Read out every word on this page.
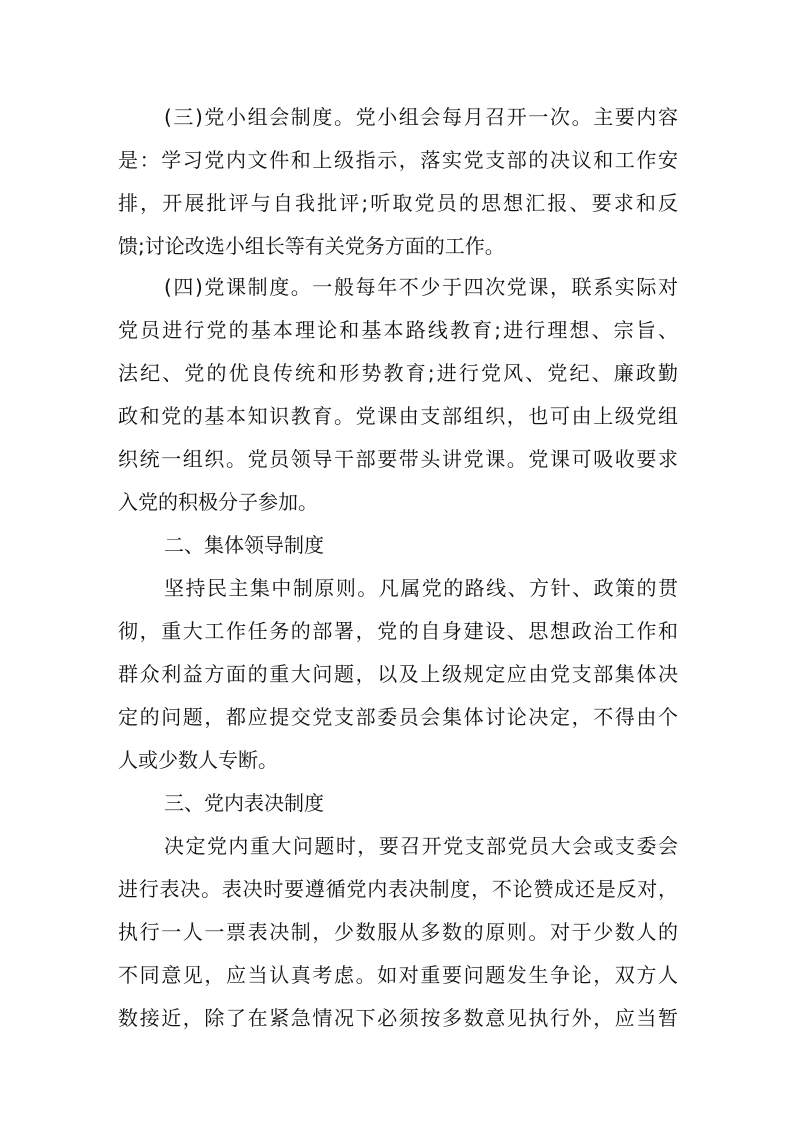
(三)党小组会制度。党小组会每月召开一次。主要内容
是：学习党内文件和上级指示，落实党支部的决议和工作安
排，开展批评与自我批评;听取党员的思想汇报、要求和反
馈;讨论改选小组长等有关党务方面的工作。
(四)党课制度。一般每年不少于四次党课，联系实际对
党员进行党的基本理论和基本路线教育;进行理想、宗旨、
法纪、党的优良传统和形势教育;进行党风、党纪、廉政勤
政和党的基本知识教育。党课由支部组织，也可由上级党组
织统一组织。党员领导干部要带头讲党课。党课可吸收要求
入党的积极分子参加。
二、集体领导制度
坚持民主集中制原则。凡属党的路线、方针、政策的贯
彻，重大工作任务的部署，党的自身建设、思想政治工作和
群众利益方面的重大问题，以及上级规定应由党支部集体决
定的问题，都应提交党支部委员会集体讨论决定，不得由个
人或少数人专断。
三、党内表决制度
决定党内重大问题时，要召开党支部党员大会或支委会
进行表决。表决时要遵循党内表决制度，不论赞成还是反对，
执行一人一票表决制，少数服从多数的原则。对于少数人的
不同意见，应当认真考虑。如对重要问题发生争论，双方人
数接近，除了在紧急情况下必须按多数意见执行外，应当暂
